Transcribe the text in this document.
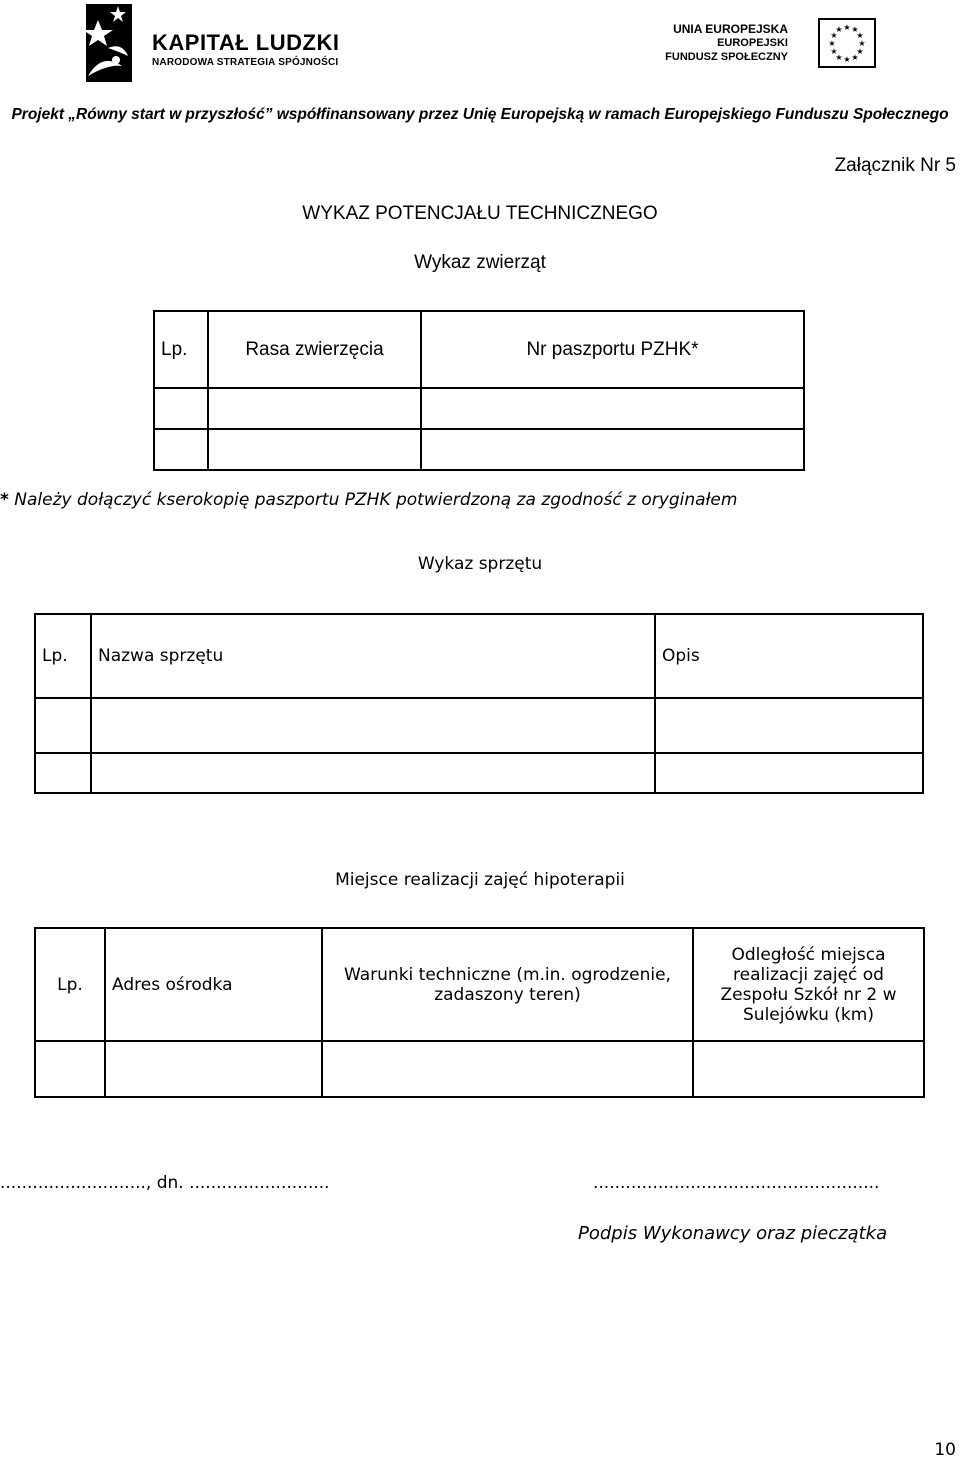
KAPITAŁ LUDZKI
NARODOWA STRATEGIA SPÓJNOŚCI
UNIA EUROPEJSKA
EUROPEJSKI
FUNDUSZ SPOŁECZNY
★ ★
★
★
★
★
★
★
★
★
★
★
Projekt „Równy start w przyszłość” współfinansowany przez Unię Europejską w ramach Europejskiego Funduszu Społecznego
Załącznik Nr 5
WYKAZ POTENCJAŁU TECHNICZNEGO
Wykaz zwierząt
Lp.	Rasa zwierzęcia	Nr paszportu PZHK*

* Należy dołączyć kserokopię paszportu PZHK potwierdzoną za zgodność z oryginałem
Wykaz sprzętu
Lp.	Nazwa sprzętu	Opis

Miejsce realizacji zajęć hipoterapii
Lp.	Adres ośrodka	Warunki techniczne (m.in. ogrodzenie, zadaszony teren)	Odległość miejsca realizacji zajęć od Zespołu Szkół nr 2 w Sulejówku (km)

..........................., dn. ..........................	.....................................................
Podpis Wykonawcy oraz pieczątka
10
